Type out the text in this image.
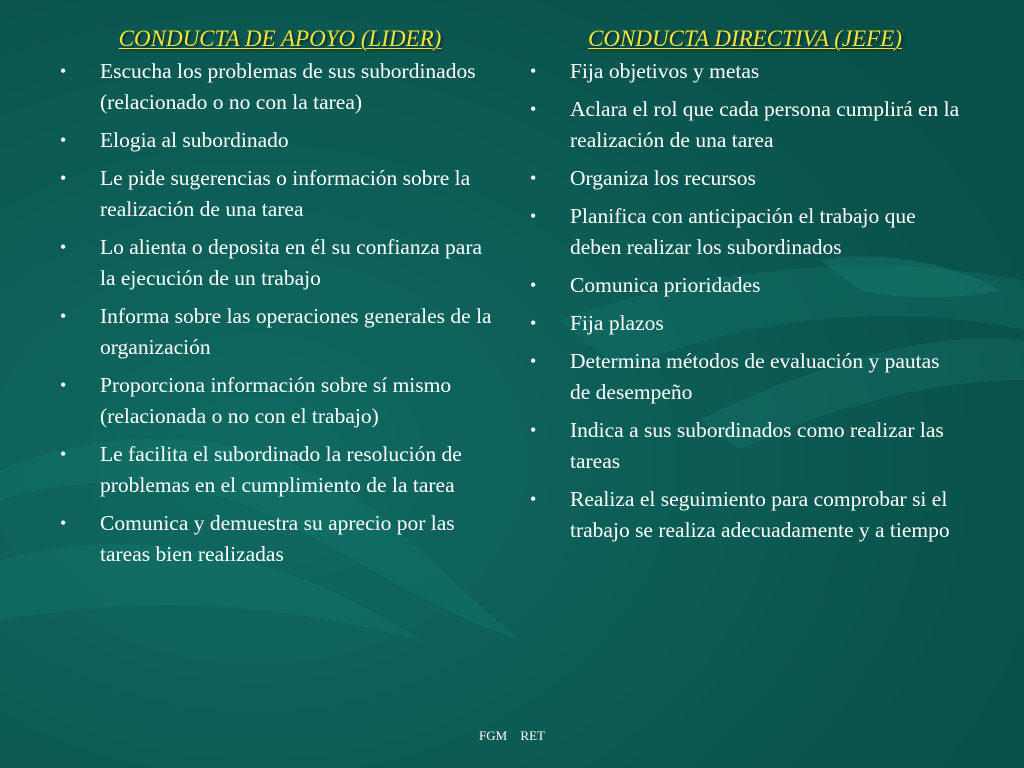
CONDUCTA DE APOYO (LIDER)
• Escucha los problemas de sus subordinados (relacionado o no con la tarea)
• Elogia al subordinado
• Le pide sugerencias o información sobre la realización de una tarea
• Lo alienta o deposita en él su confianza para la ejecución de un trabajo
• Informa sobre las operaciones generales de la organización
• Proporciona información sobre sí mismo (relacionada o no con el trabajo)
• Le facilita el subordinado la resolución de problemas en el cumplimiento de la tarea
• Comunica y demuestra su aprecio por las tareas bien realizadas
CONDUCTA DIRECTIVA (JEFE)
• Fija objetivos y metas
• Aclara el rol que cada persona cumplirá en la realización de una tarea
• Organiza los recursos
• Planifica con anticipación el trabajo que deben realizar los subordinados
• Comunica prioridades
• Fija plazos
• Determina métodos de evaluación y pautas de desempeño
• Indica a sus subordinados como realizar las tareas
• Realiza el seguimiento para comprobar si el trabajo se realiza adecuadamente y a tiempo
FGM RET
